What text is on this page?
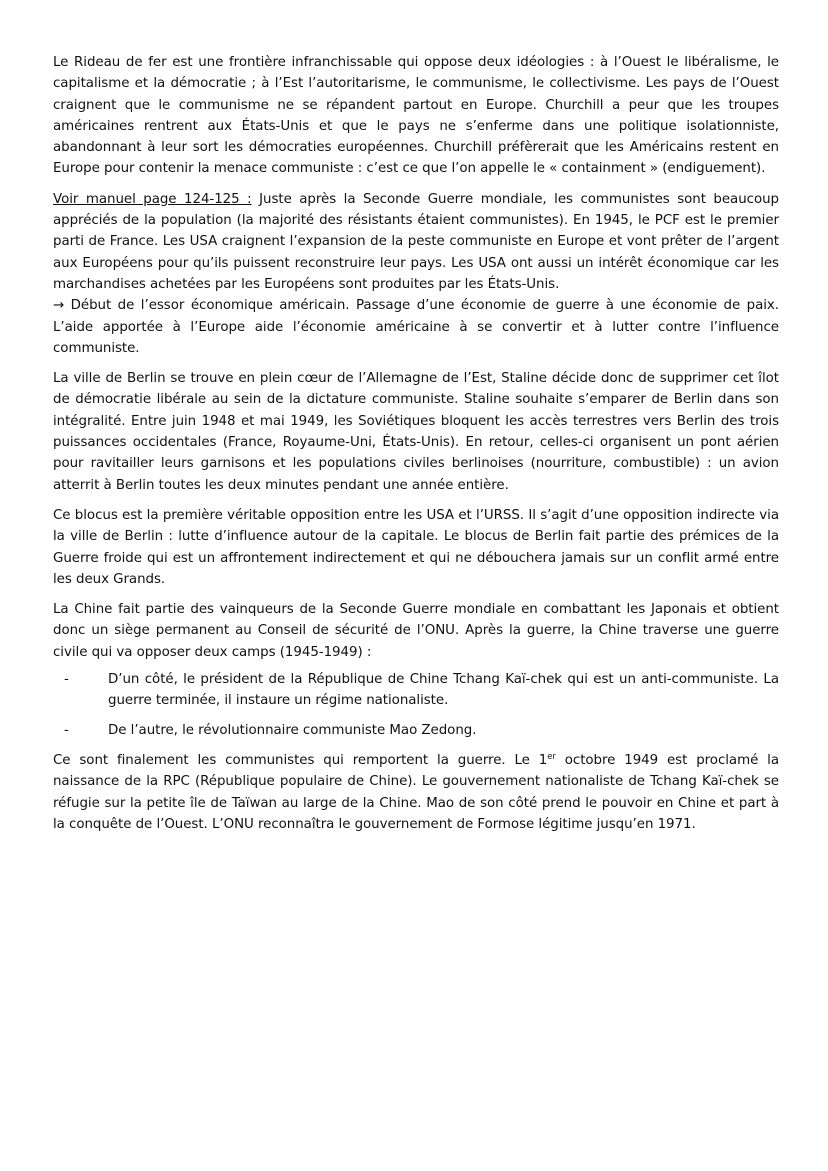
Le Rideau de fer est une frontière infranchissable qui oppose deux idéologies : à l’Ouest le libéralisme, le capitalisme et la démocratie ; à l’Est l’autoritarisme, le communisme, le collectivisme. Les pays de l’Ouest craignent que le communisme ne se répandent partout en Europe. Churchill a peur que les troupes américaines rentrent aux États-Unis et que le pays ne s’enferme dans une politique isolationniste, abandonnant à leur sort les démocraties européennes. Churchill préfèrerait que les Américains restent en Europe pour contenir la menace communiste : c’est ce que l’on appelle le « containment » (endiguement).

Voir manuel page 124-125 : Juste après la Seconde Guerre mondiale, les communistes sont beaucoup appréciés de la population (la majorité des résistants étaient communistes). En 1945, le PCF est le premier parti de France. Les USA craignent l’expansion de la peste communiste en Europe et vont prêter de l’argent aux Européens pour qu’ils puissent reconstruire leur pays. Les USA ont aussi un intérêt économique car les marchandises achetées par les Européens sont produites par les États-Unis.

→ Début de l’essor économique américain. Passage d’une économie de guerre à une économie de paix. L’aide apportée à l’Europe aide l’économie américaine à se convertir et à lutter contre l’influence communiste.

La ville de Berlin se trouve en plein cœur de l’Allemagne de l’Est, Staline décide donc de supprimer cet îlot de démocratie libérale au sein de la dictature communiste. Staline souhaite s’emparer de Berlin dans son intégralité. Entre juin 1948 et mai 1949, les Soviétiques bloquent les accès terrestres vers Berlin des trois puissances occidentales (France, Royaume-Uni, États-Unis). En retour, celles-ci organisent un pont aérien pour ravitailler leurs garnisons et les populations civiles berlinoises (nourriture, combustible) : un avion atterrit à Berlin toutes les deux minutes pendant une année entière.

Ce blocus est la première véritable opposition entre les USA et l’URSS. Il s’agit d’une opposition indirecte via la ville de Berlin : lutte d’influence autour de la capitale. Le blocus de Berlin fait partie des prémices de la Guerre froide qui est un affrontement indirectement et qui ne débouchera jamais sur un conflit armé entre les deux Grands.

La Chine fait partie des vainqueurs de la Seconde Guerre mondiale en combattant les Japonais et obtient donc un siège permanent au Conseil de sécurité de l’ONU. Après la guerre, la Chine traverse une guerre civile qui va opposer deux camps (1945-1949) :

-	D’un côté, le président de la République de Chine Tchang Kaï-chek qui est un anti-communiste. La guerre terminée, il instaure un régime nationaliste.
-	De l’autre, le révolutionnaire communiste Mao Zedong.

Ce sont finalement les communistes qui remportent la guerre. Le 1er octobre 1949 est proclamé la naissance de la RPC (République populaire de Chine). Le gouvernement nationaliste de Tchang Kaï-chek se réfugie sur la petite île de Taïwan au large de la Chine. Mao de son côté prend le pouvoir en Chine et part à la conquête de l’Ouest. L’ONU reconnaîtra le gouvernement de Formose légitime jusqu’en 1971.
